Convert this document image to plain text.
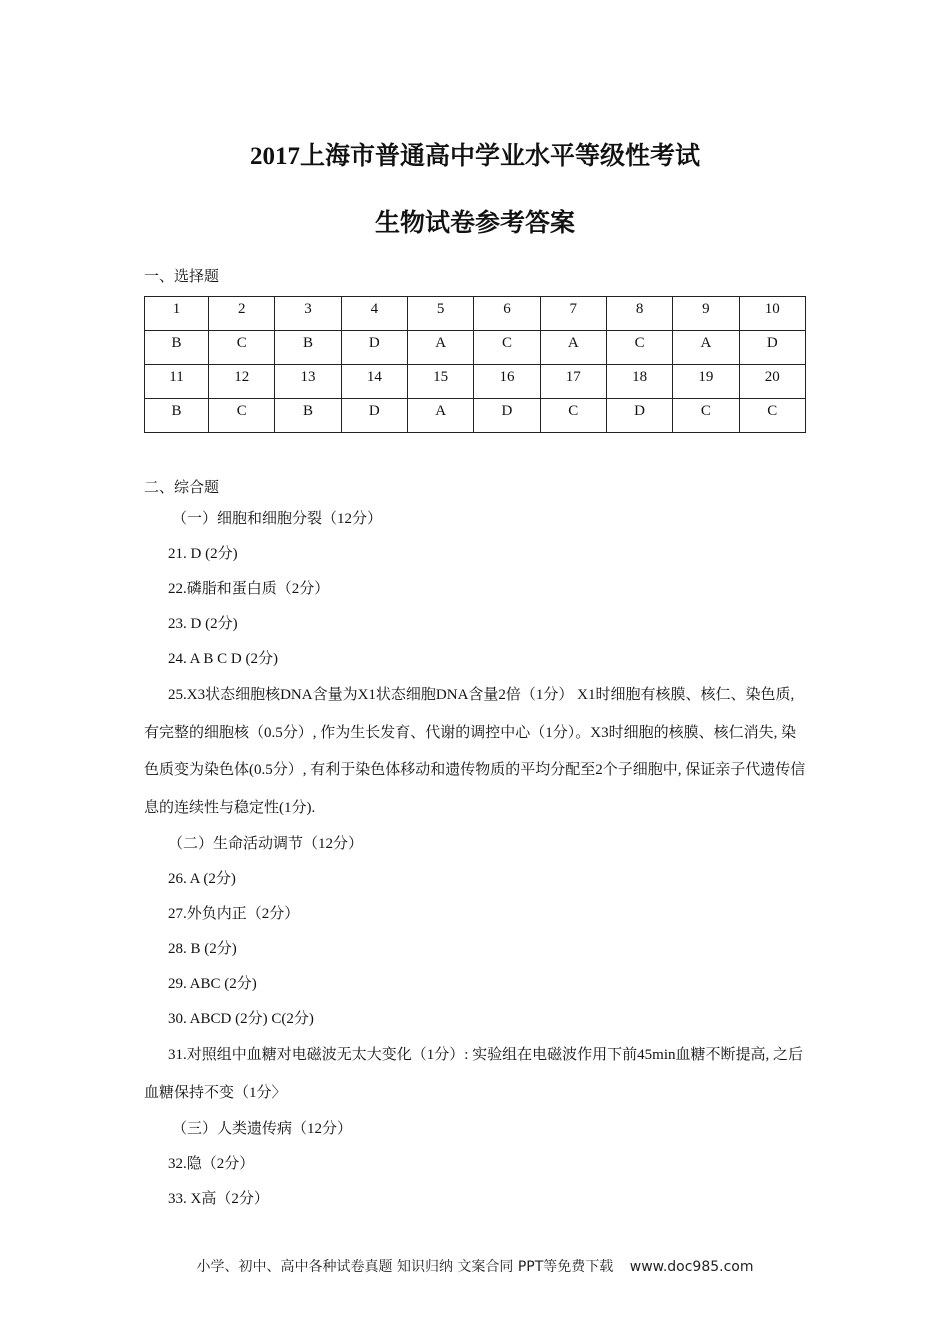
2017上海市普通高中学业水平等级性考试
生物试卷参考答案
一、选择题
1	2	3	4	5	6	7	8	9	10
B	C	B	D	A	C	A	C	A	D
11	12	13	14	15	16	17	18	19	20
B	C	B	D	A	D	C	D	C	C
二、综合题
（一）细胞和细胞分裂（12分）
21. D (2分)
22.磷脂和蛋白质（2分）
23. D (2分)
24. A B C D (2分)
25.X3状态细胞核DNA含量为X1状态细胞DNA含量2倍（1分） X1时细胞有核膜、核仁、染色质, 有完整的细胞核（0.5分）, 作为生长发育、代谢的调控中心（1分）。X3时细胞的核膜、核仁消失, 染色质变为染色体(0.5分）, 有利于染色体移动和遗传物质的平均分配至2个子细胞中, 保证亲子代遗传信息的连续性与稳定性(1分).
（二）生命活动调节（12分）
26. A (2分)
27.外负内正（2分）
28. B (2分)
29. ABC (2分)
30. ABCD (2分) C(2分)
31.对照组中血糖对电磁波无太大变化（1分）: 实验组在电磁波作用下前45min血糖不断提高, 之后血糖保持不变（1分〉
（三）人类遗传病（12分）
32.隐（2分）
33. X高（2分）
小学、初中、高中各种试卷真题 知识归纳 文案合同 PPT等免费下载 www.doc985.com
